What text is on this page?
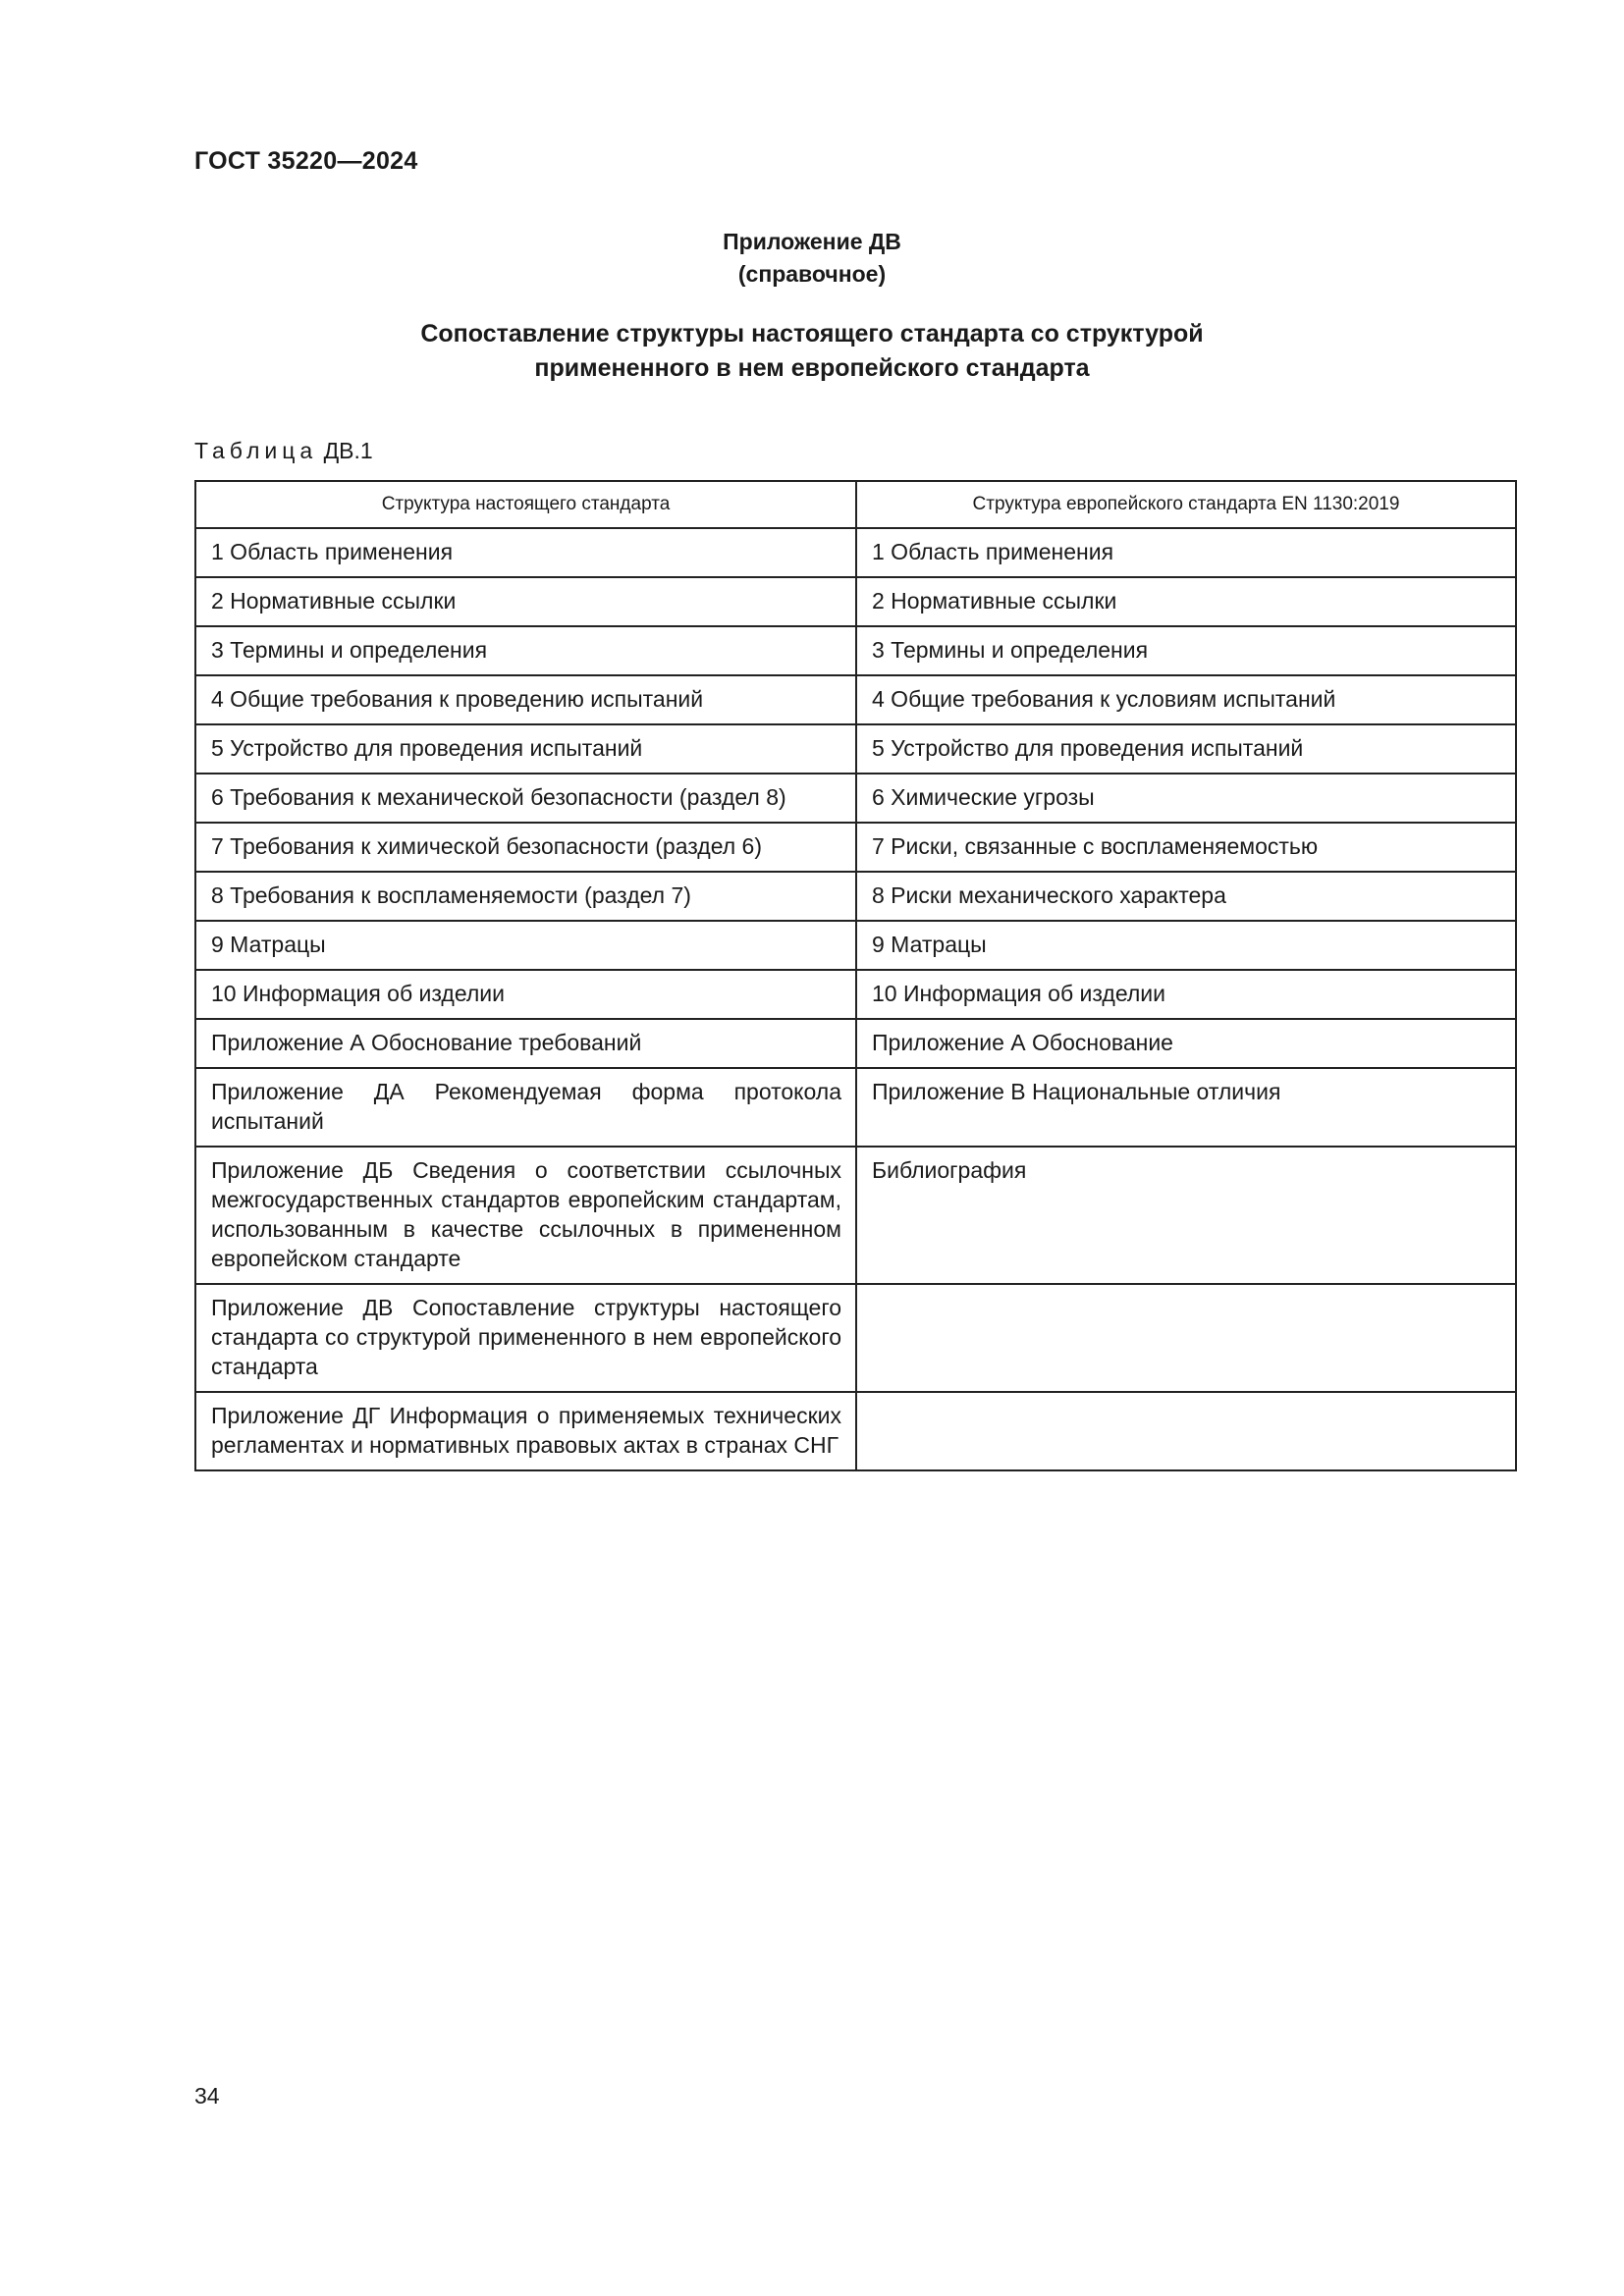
ГОСТ 35220—2024
Приложение ДВ
(справочное)
Сопоставление структуры настоящего стандарта со структурой
примененного в нем европейского стандарта
Таблица ДВ.1
Структура настоящего стандарта	Структура европейского стандарта EN 1130:2019
1 Область применения	1 Область применения
2 Нормативные ссылки	2 Нормативные ссылки
3 Термины и определения	3 Термины и определения
4 Общие требования к проведению испытаний	4 Общие требования к условиям испытаний
5 Устройство для проведения испытаний	5 Устройство для проведения испытаний
6 Требования к механической безопасности (раздел 8)	6 Химические угрозы
7 Требования к химической безопасности (раздел 6)	7 Риски, связанные с воспламеняемостью
8 Требования к воспламеняемости (раздел 7)	8 Риски механического характера
9 Матрацы	9 Матрацы
10 Информация об изделии	10 Информация об изделии
Приложение А Обоснование требований	Приложение А Обоснование
Приложение ДА Рекомендуемая форма протокола испытаний	Приложение В Национальные отличия
Приложение ДБ Сведения о соответствии ссылочных межгосударственных стандартов европейским стандартам, использованным в качестве ссылочных в примененном европейском стандарте	Библиография
Приложение ДВ Сопоставление структуры настоящего стандарта со структурой примененного в нем европейского стандарта	
Приложение ДГ Информация о применяемых технических регламентах и нормативных правовых актах в странах СНГ	
34
